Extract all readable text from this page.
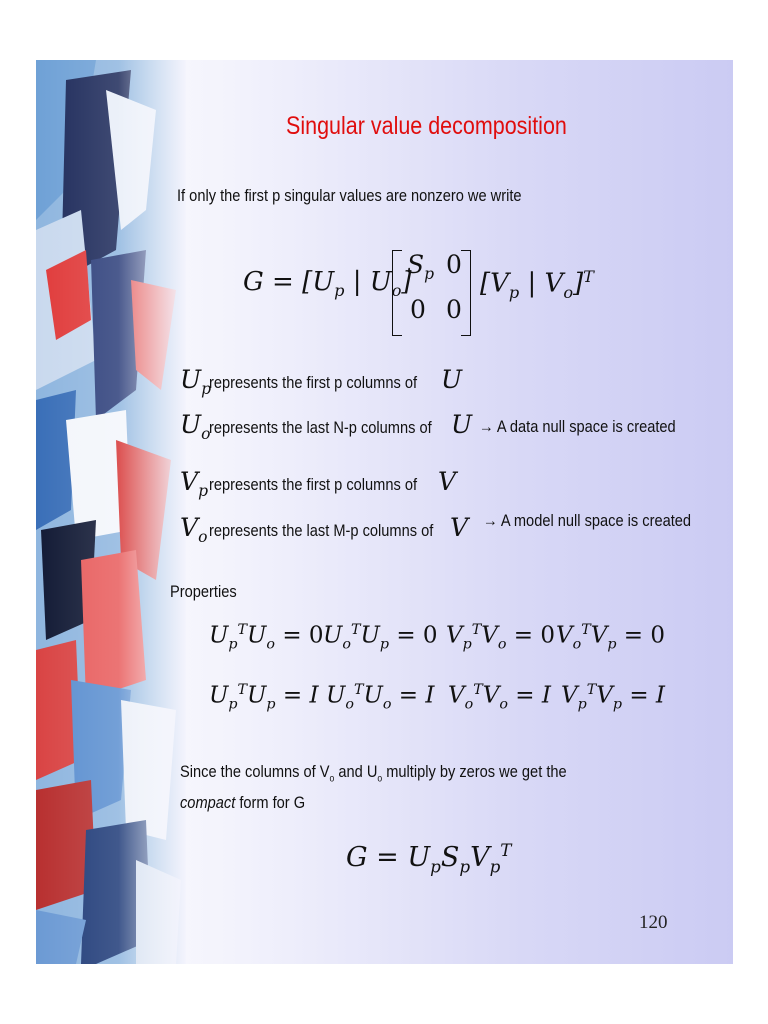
Singular value decomposition
If only the first p singular values are nonzero we write
$G = [U_p$ | $U_o$]
$S_p$ 0
0 0
[$V_p$ | $V_o]^T$
$U_p$
represents the first p columns of U
$U_o$
represents the last N-p columns of U → A data null space is created
$V_p$ represents the first p columns of V
$V_o$ represents the last M-p columns of V → A model null space is created
Properties
$U_p^TU_o = 0$ $U_o^TU_p = 0$ $V_p^TV_o = 0$ $V_o^TV_p = 0$
$U_p^TU_p = I$ $U_o^TU_o = I$ $V_o^TV_o = I$ $V_p^TV_p = I$
Since the columns of $V_o$ and $U_o$ multiply by zeros we get the
compact form for G
$G = U_pS_pV_p^T$
120
